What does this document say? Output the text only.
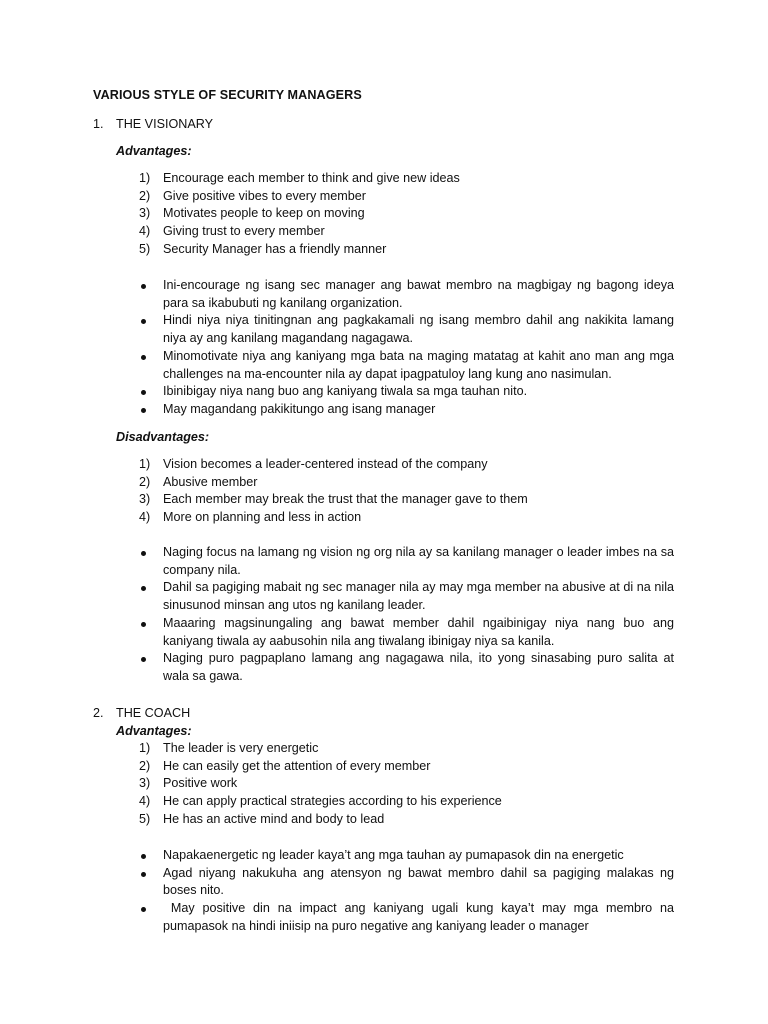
VARIOUS STYLE OF SECURITY MANAGERS
1. THE VISIONARY
Advantages:
1) Encourage each member to think and give new ideas
2) Give positive vibes to every member
3) Motivates people to keep on moving
4) Giving trust to every member
5) Security Manager has a friendly manner
Ini-encourage ng isang sec manager ang bawat membro na magbigay ng bagong ideya para sa ikabubuti ng kanilang organization.
Hindi niya niya tinitingnan ang pagkakamali ng isang membro dahil ang nakikita lamang niya ay ang kanilang magandang nagagawa.
Minomotivate niya ang kaniyang mga bata na maging matatag at kahit ano man ang mga challenges na ma-encounter nila ay dapat ipagpatuloy lang kung ano nasimulan.
Ibinibigay niya nang buo ang kaniyang tiwala sa mga tauhan nito.
May magandang pakikitungo ang isang manager
Disadvantages:
1) Vision becomes a leader-centered instead of the company
2) Abusive member
3) Each member may break the trust that the manager gave to them
4) More on planning and less in action
Naging focus na lamang ng vision ng org nila ay sa kanilang manager o leader imbes na sa company nila.
Dahil sa pagiging mabait ng sec manager nila ay may mga member na abusive at di na nila sinusunod minsan ang utos ng kanilang leader.
Maaaring magsinungaling ang bawat member dahil ngaibinigay niya nang buo ang kaniyang tiwala ay aabusohin nila ang tiwalang ibinigay niya sa kanila.
Naging puro pagpaplano lamang ang nagagawa nila, ito yong sinasabing puro salita at wala sa gawa.
2. THE COACH
Advantages:
1) The leader is very energetic
2) He can easily get the attention of every member
3) Positive work
4) He can apply practical strategies according to his experience
5) He has an active mind and body to lead
Napakaenergetic ng leader kaya’t ang mga tauhan ay pumapasok din na energetic
Agad niyang nakukuha ang atensyon ng bawat membro dahil sa pagiging malakas ng boses nito.
May positive din na impact ang kaniyang ugali kung kaya’t may mga membro na pumapasok na hindi iniisip na puro negative ang kaniyang leader o manager
